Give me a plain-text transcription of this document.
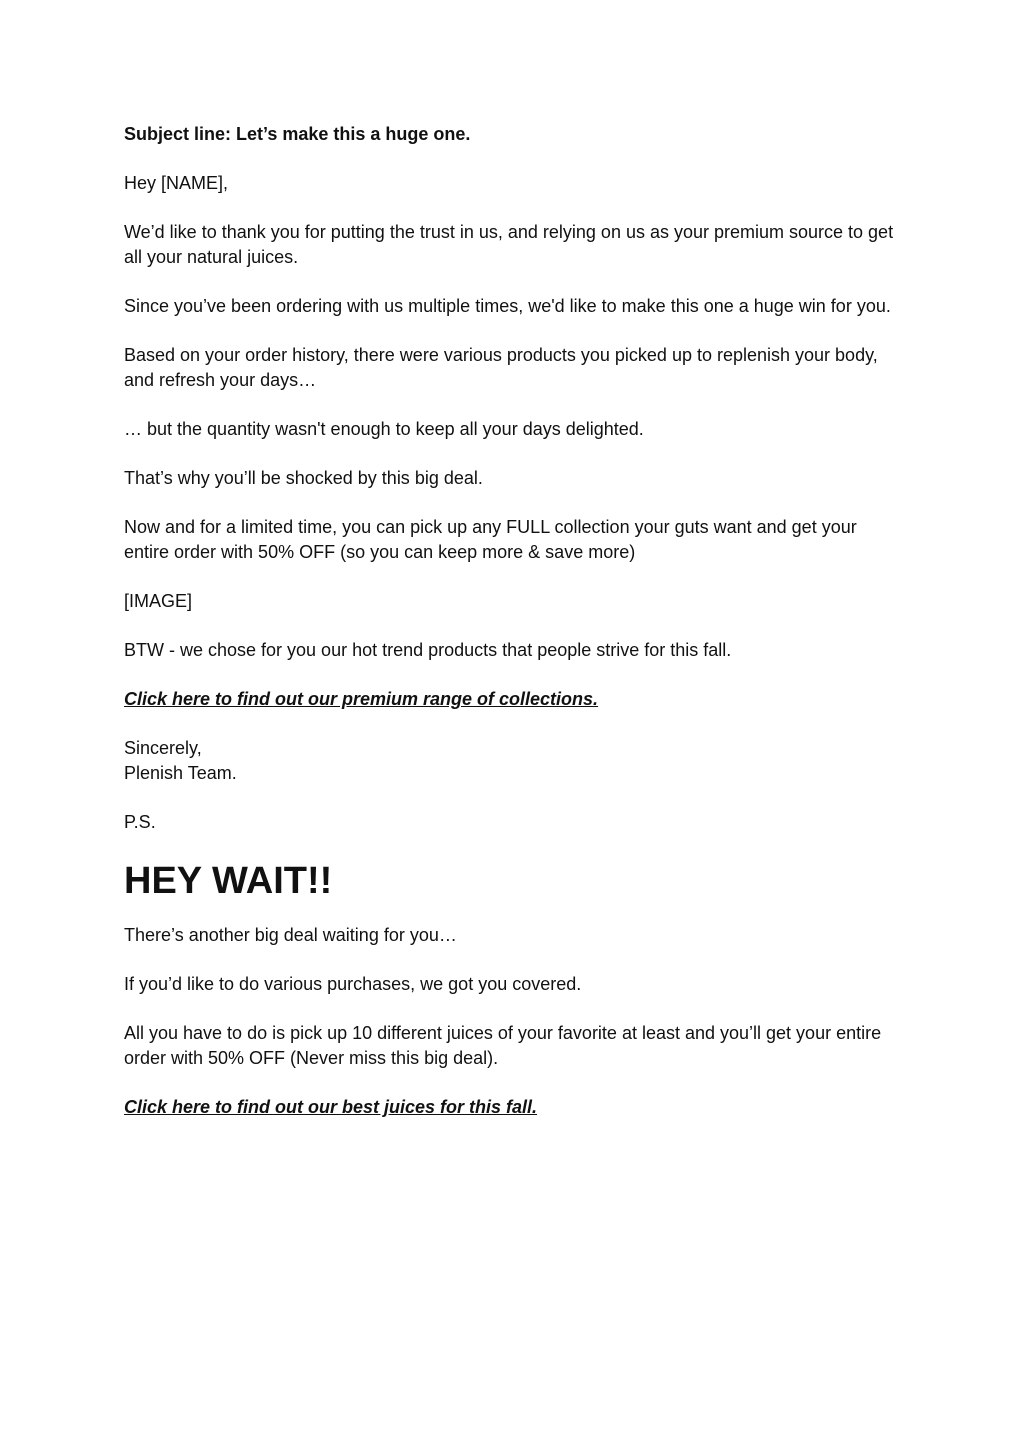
Subject line: Let’s make this a huge one.

Hey [NAME],

We’d like to thank you for putting the trust in us, and relying on us as your premium source to get all your natural juices.

Since you’ve been ordering with us multiple times, we'd like to make this one a huge win for you.

Based on your order history, there were various products you picked up to replenish your body, and refresh your days…

… but the quantity wasn't enough to keep all your days delighted.

That’s why you’ll be shocked by this big deal.

Now and for a limited time, you can pick up any FULL collection your guts want and get your entire order with 50% OFF (so you can keep more & save more)

[IMAGE]

BTW - we chose for you our hot trend products that people strive for this fall.

Click here to find out our premium range of collections.

Sincerely,
Plenish Team.

P.S.

HEY WAIT!!

There’s another big deal waiting for you…

If you’d like to do various purchases, we got you covered.

All you have to do is pick up 10 different juices of your favorite at least and you’ll get your entire order with 50% OFF (Never miss this big deal).

Click here to find out our best juices for this fall.
